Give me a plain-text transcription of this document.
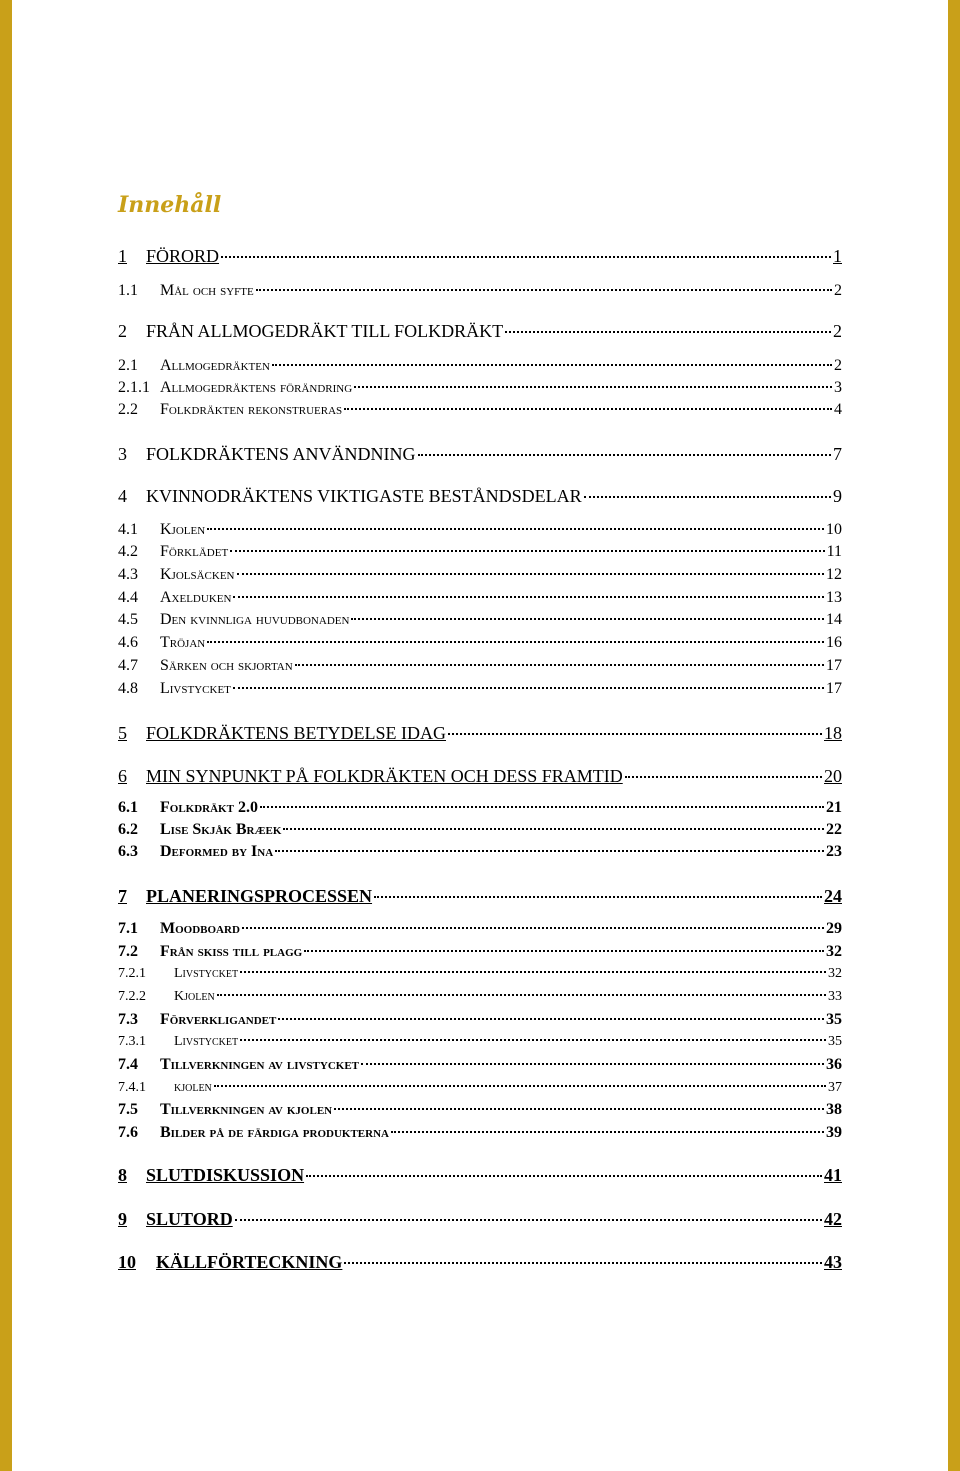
Innehåll
1	FÖRORD	1
1.1	Mål och syfte	2
2	FRÅN ALLMOGEDRÄKT TILL FOLKDRÄKT	2
2.1	Allmogedräkten	2
2.1.1 Allmogedräktens förändring	3
2.2	Folkdräkten rekonstrueras	4
3	FOLKDRÄKTENS ANVÄNDNING	7
4	KVINNODRÄKTENS VIKTIGASTE BESTÅNDSDELAR	9
4.1	Kjolen	10
4.2	Förklädet	11
4.3	Kjolsäcken	12
4.4	Axelduken	13
4.5	Den kvinnliga huvudbonaden	14
4.6	Tröjan	16
4.7	Särken och skjortan	17
4.8	Livstycket	17
5	FOLKDRÄKTENS BETYDELSE IDAG	18
6	MIN SYNPUNKT PÅ FOLKDRÄKTEN OCH DESS FRAMTID	20
6.1	Folkdräkt 2.0	21
6.2	Lise Skjåk Bræek	22
6.3	Deformed by Ina	23
7	PLANERINGSPROCESSEN	24
7.1	Moodboard	29
7.2	Från skiss till plagg	32
7.2.1	Livstycket	32
7.2.2	Kjolen	33
7.3	Förverkligandet	35
7.3.1	Livstycket	35
7.4	Tillverkningen av livstycket	36
7.4.1	kjolen	37
7.5	Tillverkningen av kjolen	38
7.6	Bilder på de färdiga produkterna	39
8	SLUTDISKUSSION	41
9	SLUTORD	42
10	KÄLLFÖRTECKNING	43
